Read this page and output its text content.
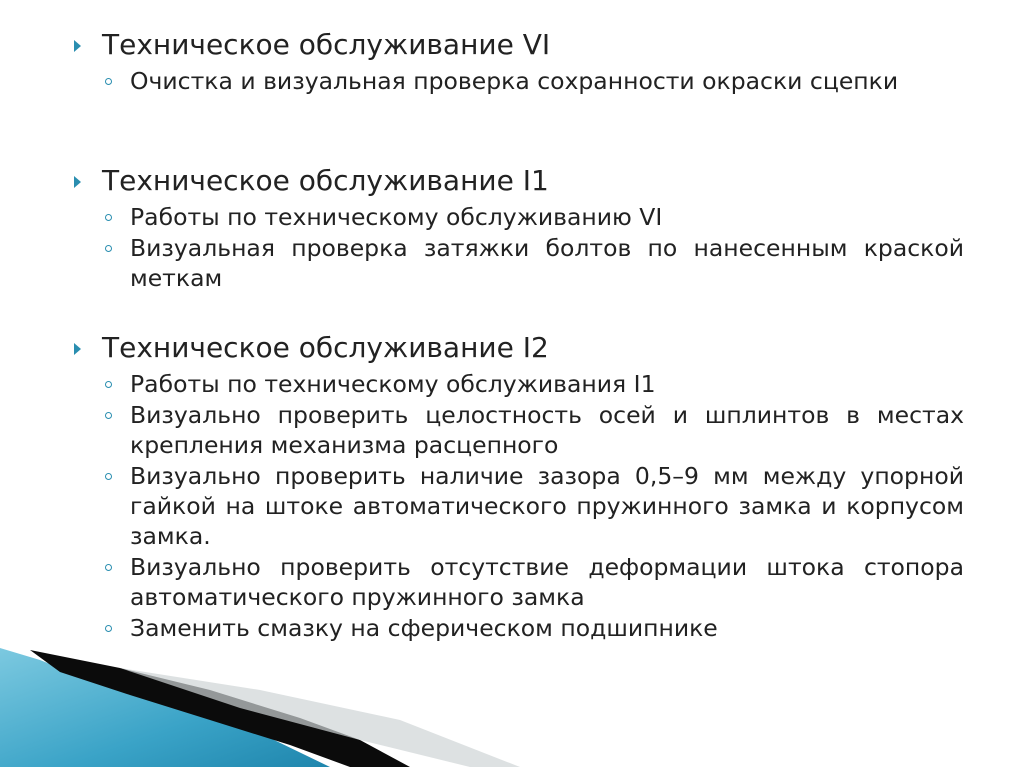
Техническое обслуживание VI
Очистка и визуальная проверка сохранности окраски сцепки
Техническое обслуживание I1
Работы по техническому обслуживанию VI
Визуальная проверка затяжки болтов по нанесенным краской меткам
Техническое обслуживание I2
Работы по техническому обслуживания I1
Визуально проверить целостность осей и шплинтов в местах крепления механизма расцепного
Визуально проверить наличие зазора 0,5–9 мм между упорной гайкой на штоке автоматического пружинного замка и корпусом замка.
Визуально проверить отсутствие деформации штока стопора автоматического пружинного замка
Заменить смазку на сферическом подшипнике
